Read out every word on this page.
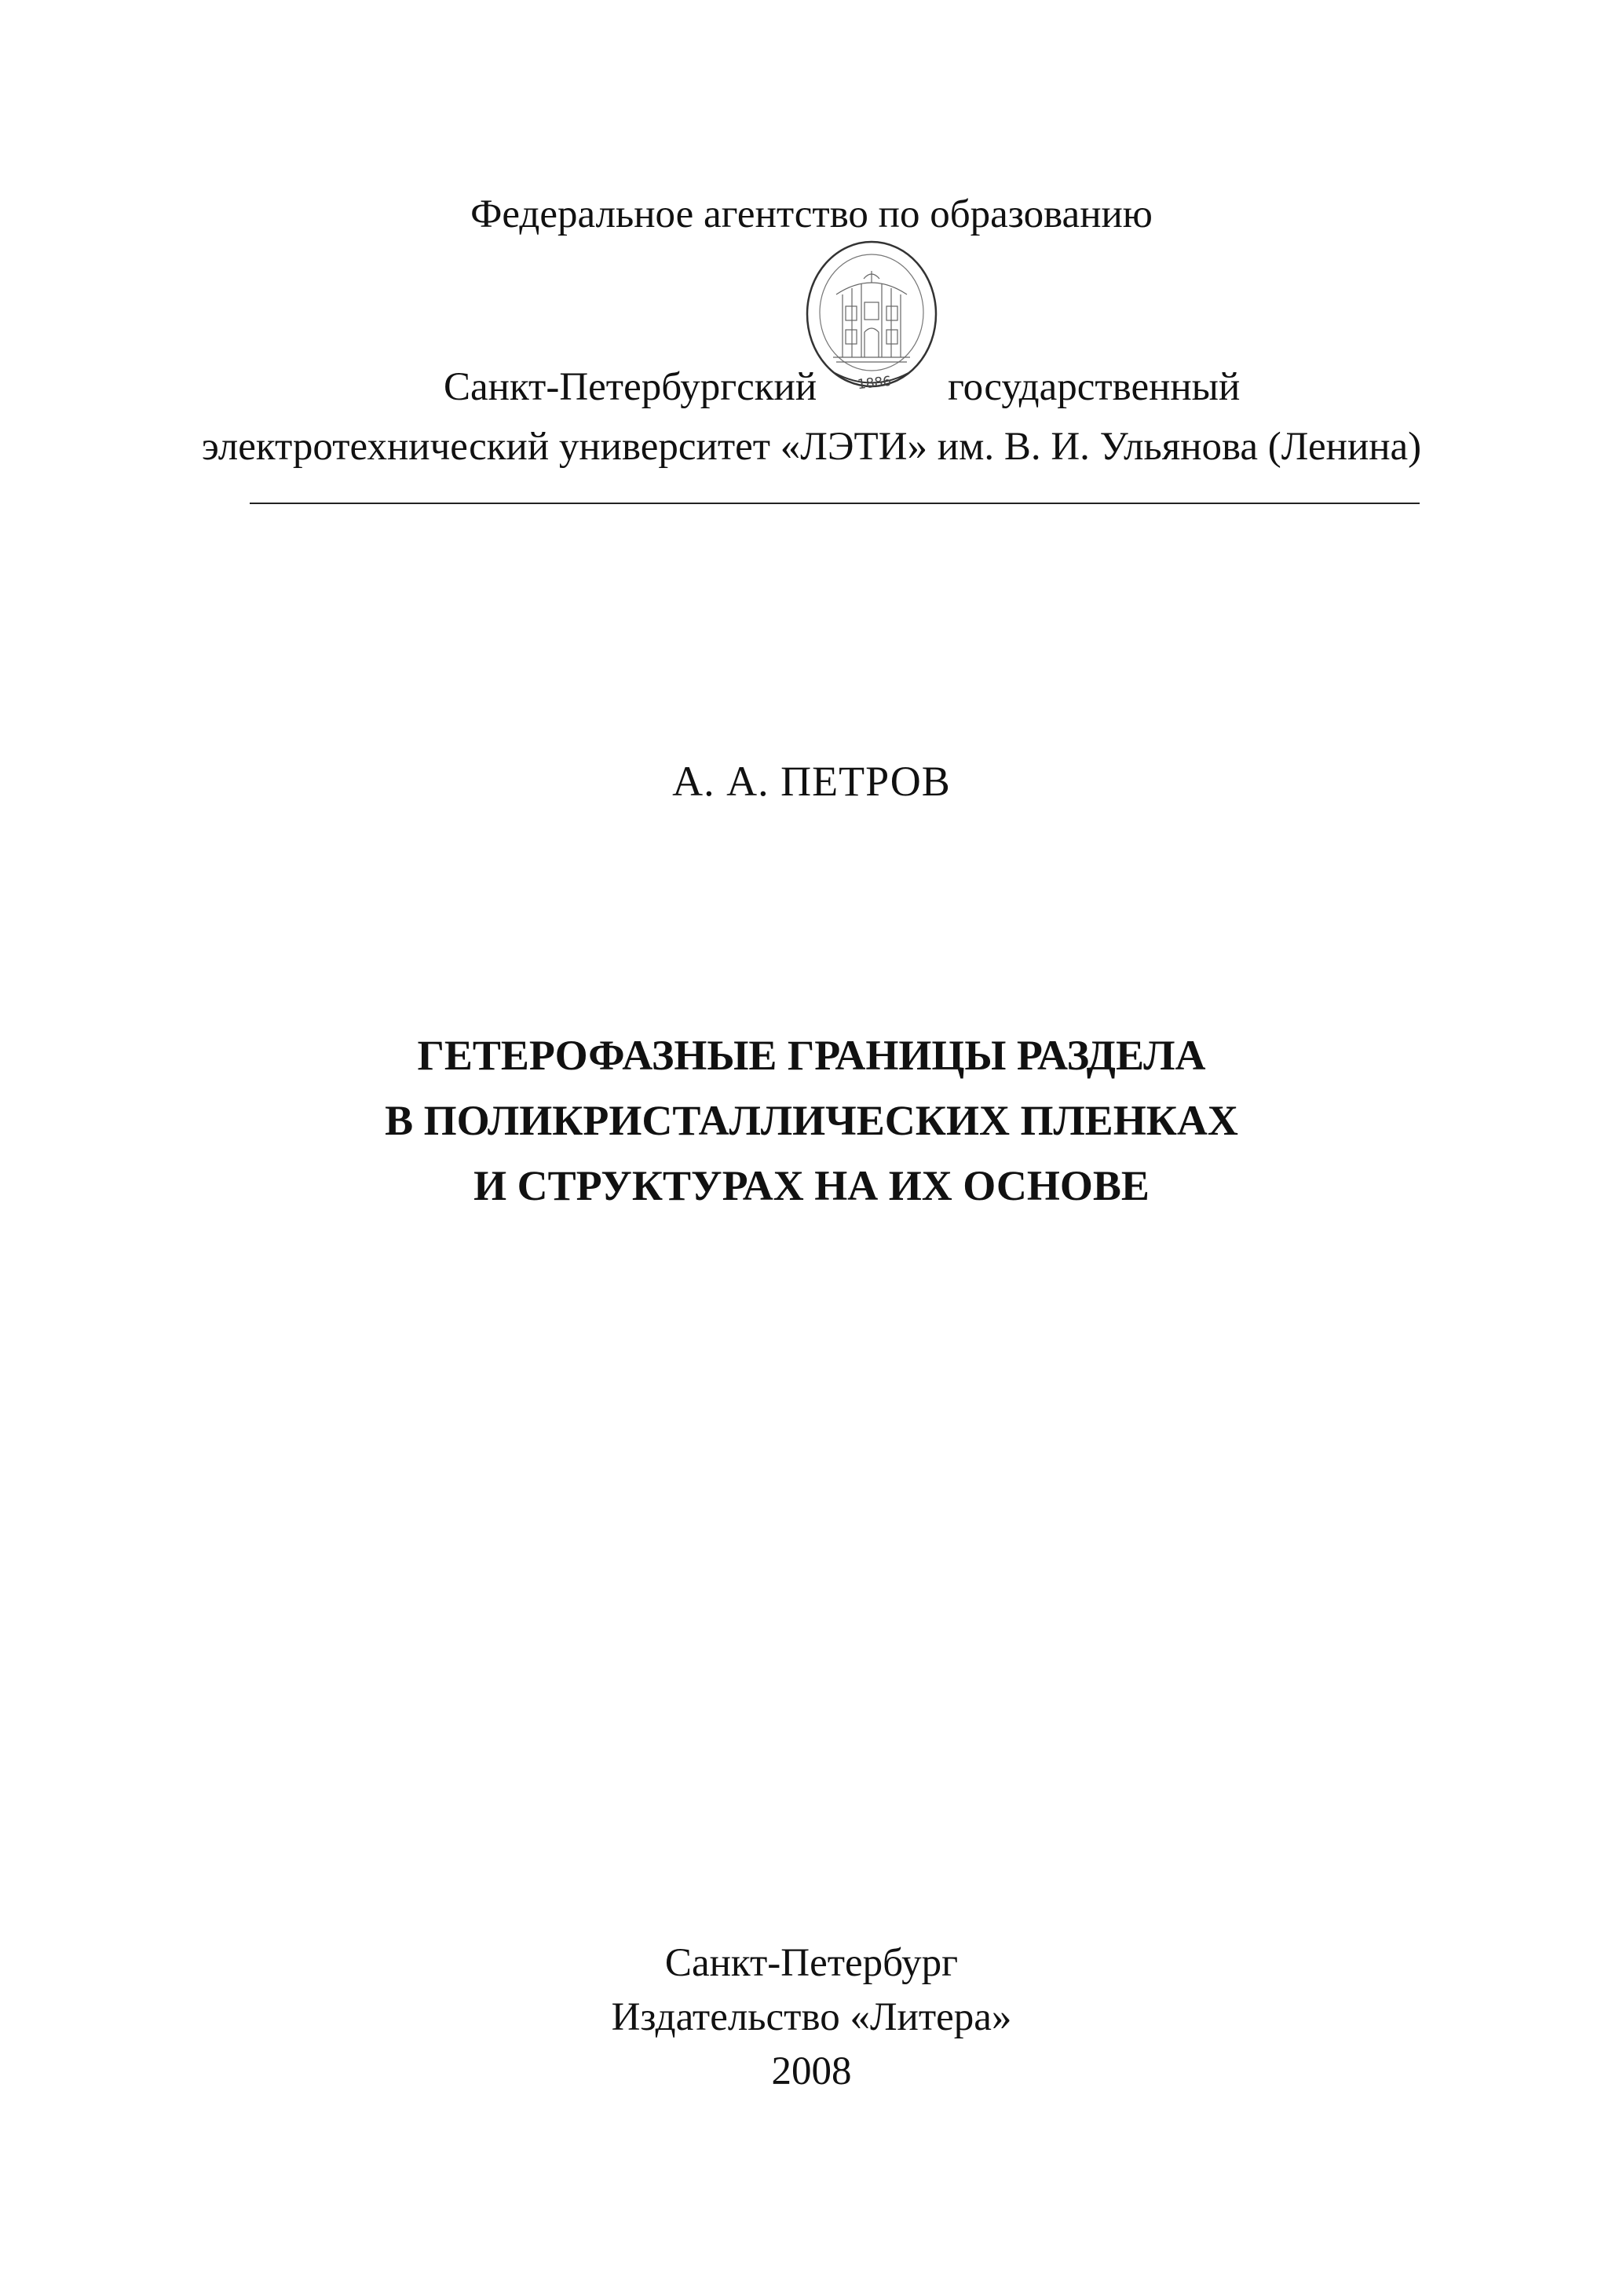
Федеральное агентство по образованию
1886
Санкт-Петербургский	государственный
электротехнический университет «ЛЭТИ» им. В. И. Ульянова (Ленина)
А. А. ПЕТРОВ
ГЕТЕРОФАЗНЫЕ ГРАНИЦЫ РАЗДЕЛА
В ПОЛИКРИСТАЛЛИЧЕСКИХ ПЛЕНКАХ
И СТРУКТУРАХ НА ИХ ОСНОВЕ
Санкт-Петербург
Издательство «Литера»
2008
